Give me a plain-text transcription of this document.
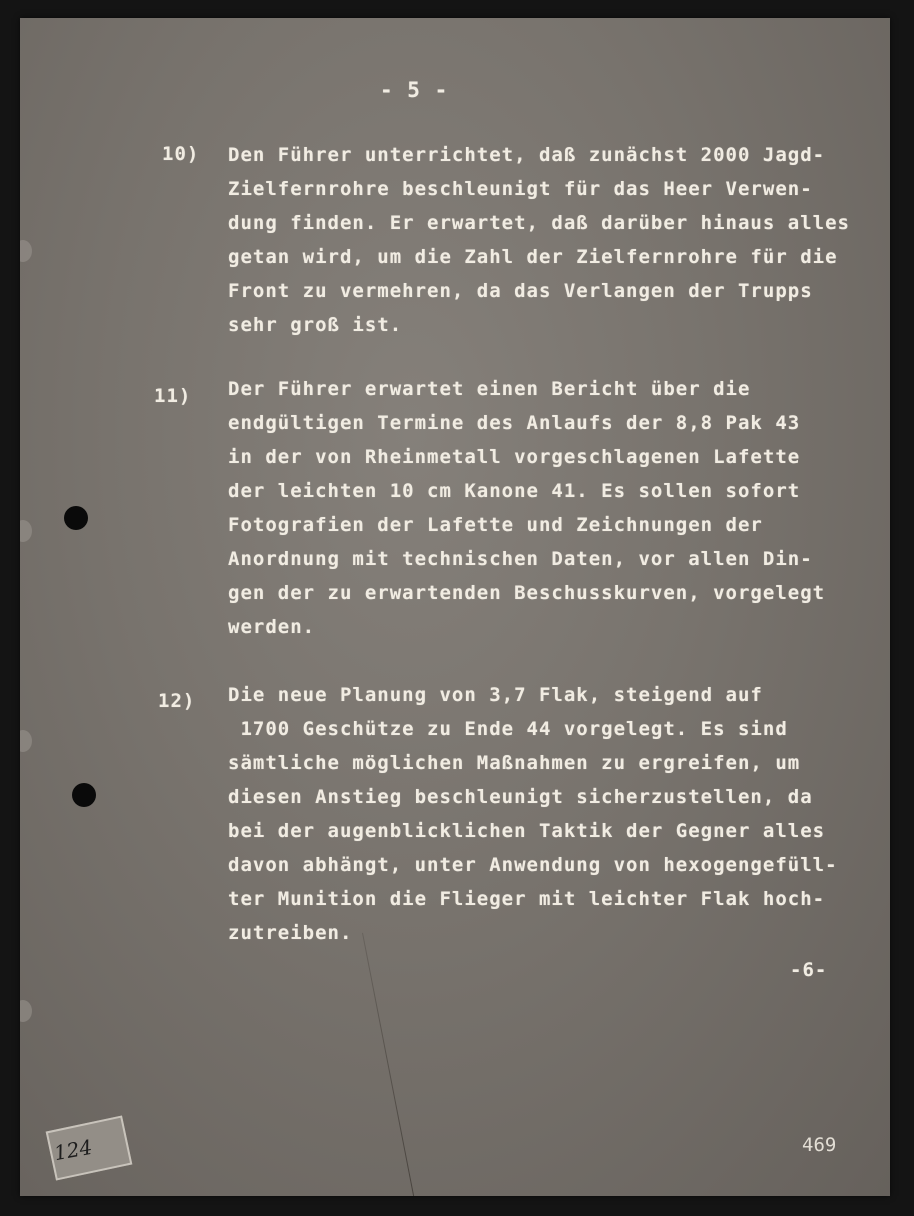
- 5 -
10) Den Führer unterrichtet, daß zunächst 2000 Jagd-
Zielfernrohre beschleunigt für das Heer Verwen-
dung finden. Er erwartet, daß darüber hinaus alles
getan wird, um die Zahl der Zielfernrohre für die
Front zu vermehren, da das Verlangen der Trupps
sehr groß ist.
11) Der Führer erwartet einen Bericht über die
endgültigen Termine des Anlaufs der 8,8 Pak 43
in der von Rheinmetall vorgeschlagenen Lafette
der leichten 10 cm Kanone 41. Es sollen sofort
Fotografien der Lafette und Zeichnungen der
Anordnung mit technischen Daten, vor allen Din-
gen der zu erwartenden Beschusskurven, vorgelegt
werden.
12) Die neue Planung von 3,7 Flak, steigend auf
1700 Geschütze zu Ende 44 vorgelegt. Es sind
sämtliche möglichen Maßnahmen zu ergreifen, um
diesen Anstieg beschleunigt sicherzustellen, da
bei der augenblicklichen Taktik der Gegner alles
davon abhängt, unter Anwendung von hexogengefüll-
ter Munition die Flieger mit leichter Flak hoch-
zutreiben.
-6-
469
124
